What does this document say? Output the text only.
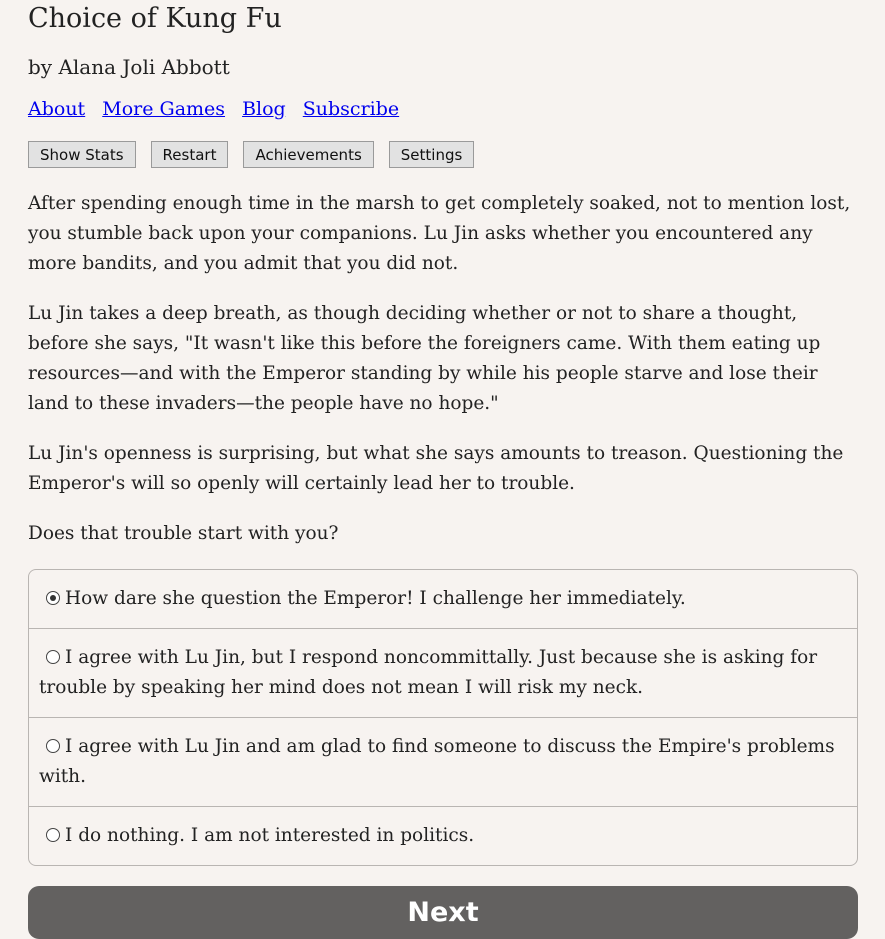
Choice of Kung Fu
by Alana Joli Abbott
About More Games Blog Subscribe
Show Stats	Restart	Achievements	Settings

After spending enough time in the marsh to get completely soaked, not to mention lost, you stumble back upon your companions. Lu Jin asks whether you encountered any more bandits, and you admit that you did not.

Lu Jin takes a deep breath, as though deciding whether or not to share a thought, before she says, "It wasn't like this before the foreigners came. With them eating up resources—and with the Emperor standing by while his people starve and lose their land to these invaders—the people have no hope."

Lu Jin's openness is surprising, but what she says amounts to treason. Questioning the Emperor's will so openly will certainly lead her to trouble.

Does that trouble start with you?

How dare she question the Emperor! I challenge her immediately.
I agree with Lu Jin, but I respond noncommittally. Just because she is asking for trouble by speaking her mind does not mean I will risk my neck.
I agree with Lu Jin and am glad to find someone to discuss the Empire's problems with.
I do nothing. I am not interested in politics.
Next
